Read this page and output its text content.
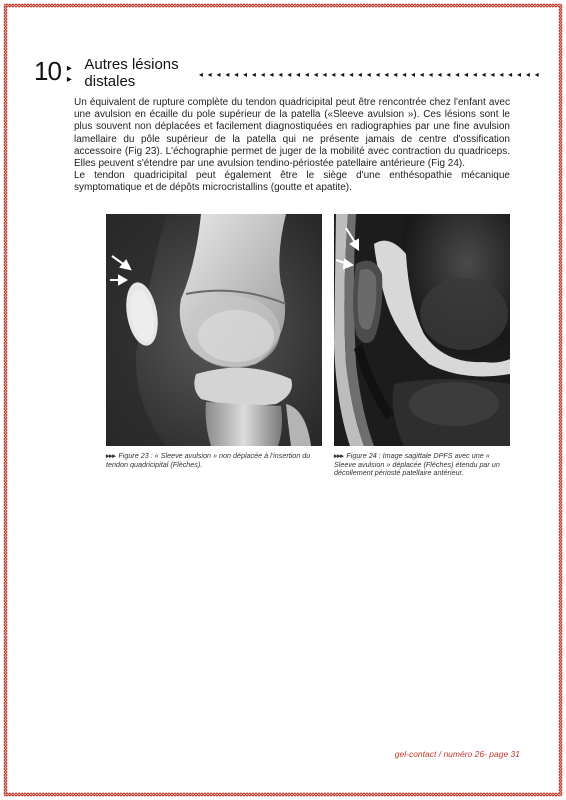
10 ▸ ▸
Autres lésions distales	◂ ◂ ◂ ◂ ◂ ◂ ◂ ◂ ◂ ◂ ◂ ◂ ◂ ◂ ◂ ◂ ◂ ◂ ◂ ◂ ◂ ◂ ◂ ◂ ◂ ◂ ◂ ◂ ◂ ◂ ◂ ◂ ◂ ◂ ◂ ◂ ◂ ◂ ◂

Un équivalent de rupture complète du tendon quadricipital peut être rencontrée chez l'enfant avec une avulsion en écaille du pole supérieur de la patella («Sleeve avulsion »). Ces lésions sont le plus souvent non déplacées et facilement diagnostiquées en radiographies par une fine avulsion lamellaire du pôle supérieur de la patella qui ne présente jamais de centre d'ossification accessoire (Fig 23). L'échographie permet de juger de la mobilité avec contraction du quadriceps. Elles peuvent s'étendre par une avulsion tendino-périostée patellaire antérieure (Fig 24).

Le tendon quadricipital peut également être le siège d'une enthésopathie mécanique symptomatique et de dépôts microcristallins (goutte et apatite).

▸▸▸ Figure 23 : « Sleeve avulsion » non déplacée à l'insertion du tendon quadricipital (Flèches).
▸▸▸ Figure 24 : Image sagittale DPFS avec une « Sleeve avulsion » déplacée (Flèches) étendu par un décollement périosté patellaire antérieur.
gel-contact / numéro 26- page 31
